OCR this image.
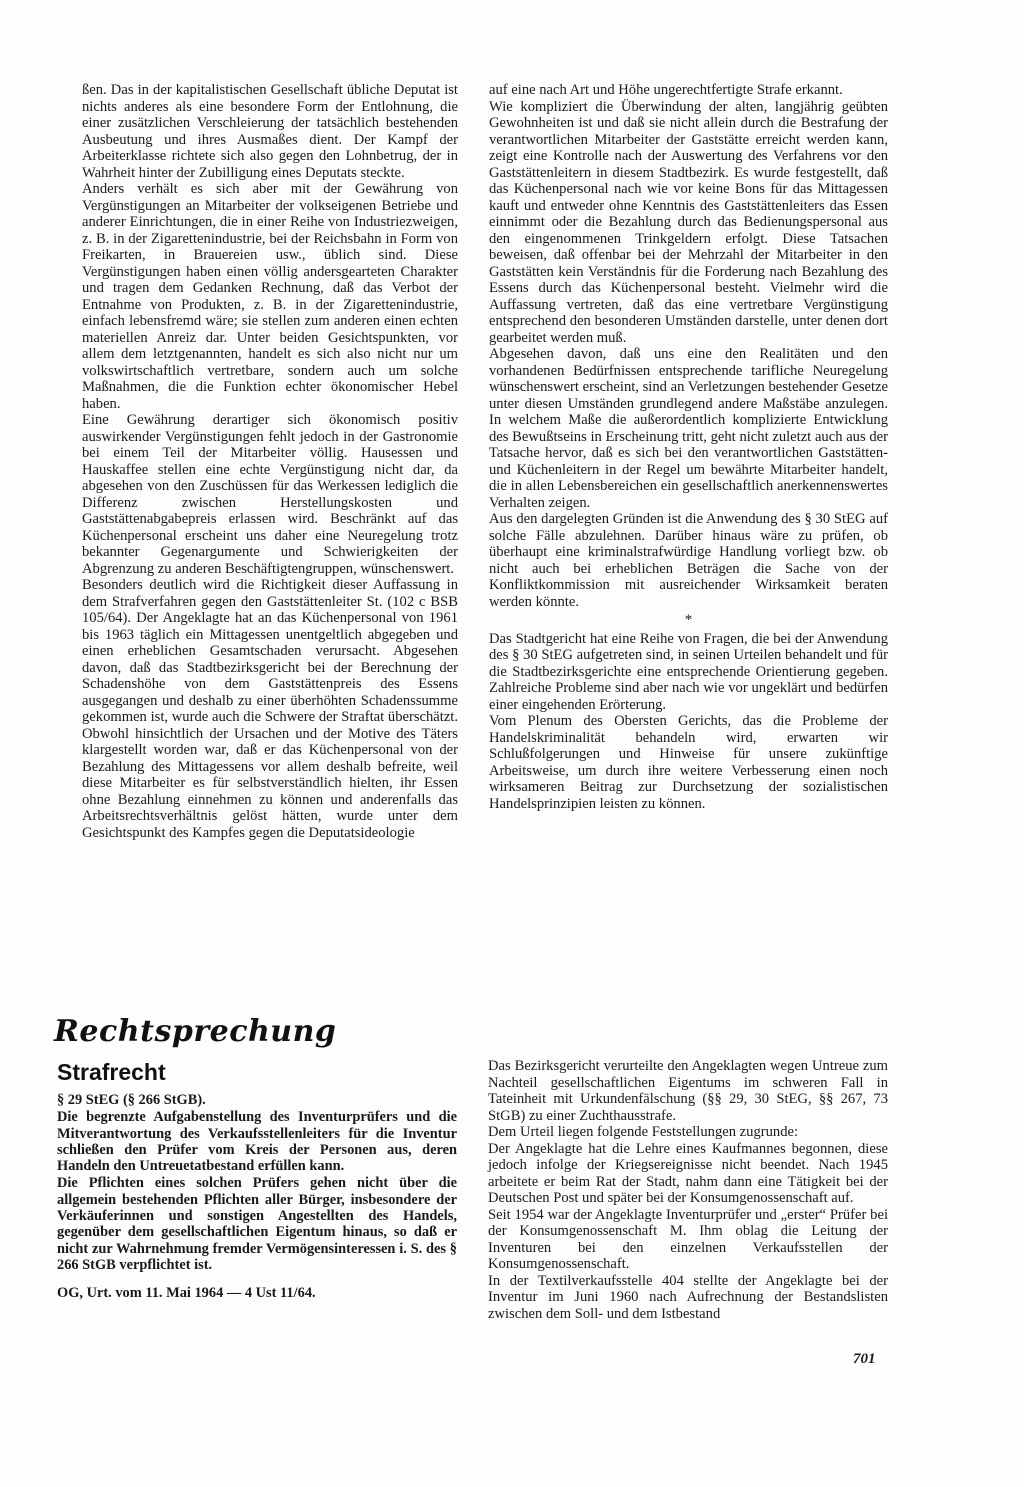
ßen. Das in der kapitalistischen Gesellschaft übliche Deputat ist nichts anderes als eine besondere Form der Entlohnung, die einer zusätzlichen Verschleierung der tatsächlich bestehenden Ausbeutung und ihres Ausmaßes dient. Der Kampf der Arbeiterklasse richtete sich also gegen den Lohnbetrug, der in Wahrheit hinter der Zubilligung eines Deputats steckte.

Anders verhält es sich aber mit der Gewährung von Vergünstigungen an Mitarbeiter der volkseigenen Betriebe und anderer Einrichtungen, die in einer Reihe von Industriezweigen, z. B. in der Zigarettenindustrie, bei der Reichsbahn in Form von Freikarten, in Brauereien usw., üblich sind. Diese Vergünstigungen haben einen völlig andersgearteten Charakter und tragen dem Gedanken Rechnung, daß das Verbot der Entnahme von Produkten, z. B. in der Zigarettenindustrie, einfach lebensfremd wäre; sie stellen zum anderen einen echten materiellen Anreiz dar. Unter beiden Gesichtspunkten, vor allem dem letztgenannten, handelt es sich also nicht nur um volkswirtschaftlich vertretbare, sondern auch um solche Maßnahmen, die die Funktion echter ökonomischer Hebel haben.

Eine Gewährung derartiger sich ökonomisch positiv auswirkender Vergünstigungen fehlt jedoch in der Gastronomie bei einem Teil der Mitarbeiter völlig. Hausessen und Hauskaffee stellen eine echte Vergünstigung nicht dar, da abgesehen von den Zuschüssen für das Werkessen lediglich die Differenz zwischen Herstellungskosten und Gaststättenabgabepreis erlassen wird. Beschränkt auf das Küchenpersonal erscheint uns daher eine Neuregelung trotz bekannter Gegenargumente und Schwierigkeiten der Abgrenzung zu anderen Beschäftigtengruppen, wünschenswert.

Besonders deutlich wird die Richtigkeit dieser Auffassung in dem Strafverfahren gegen den Gaststättenleiter St. (102 c BSB 105/64). Der Angeklagte hat an das Küchenpersonal von 1961 bis 1963 täglich ein Mittagessen unentgeltlich abgegeben und einen erheblichen Gesamtschaden verursacht. Abgesehen davon, daß das Stadtbezirksgericht bei der Berechnung der Schadenshöhe von dem Gaststättenpreis des Essens ausgegangen und deshalb zu einer überhöhten Schadenssumme gekommen ist, wurde auch die Schwere der Straftat überschätzt. Obwohl hinsichtlich der Ursachen und der Motive des Täters klargestellt worden war, daß er das Küchenpersonal von der Bezahlung des Mittagessens vor allem deshalb befreite, weil diese Mitarbeiter es für selbstverständlich hielten, ihr Essen ohne Bezahlung einnehmen zu können und anderenfalls das Arbeitsrechtsverhältnis gelöst hätten, wurde unter dem Gesichtspunkt des Kampfes gegen die Deputatsideologie

auf eine nach Art und Höhe ungerechtfertigte Strafe erkannt.

Wie kompliziert die Überwindung der alten, langjährig geübten Gewohnheiten ist und daß sie nicht allein durch die Bestrafung der verantwortlichen Mitarbeiter der Gaststätte erreicht werden kann, zeigt eine Kontrolle nach der Auswertung des Verfahrens vor den Gaststättenleitern in diesem Stadtbezirk. Es wurde festgestellt, daß das Küchenpersonal nach wie vor keine Bons für das Mittagessen kauft und entweder ohne Kenntnis des Gaststättenleiters das Essen einnimmt oder die Bezahlung durch das Bedienungspersonal aus den eingenommenen Trinkgeldern erfolgt. Diese Tatsachen beweisen, daß offenbar bei der Mehrzahl der Mitarbeiter in den Gaststätten kein Verständnis für die Forderung nach Bezahlung des Essens durch das Küchenpersonal besteht. Vielmehr wird die Auffassung vertreten, daß das eine vertretbare Vergünstigung entsprechend den besonderen Umständen darstelle, unter denen dort gearbeitet werden muß.

Abgesehen davon, daß uns eine den Realitäten und den vorhandenen Bedürfnissen entsprechende tarifliche Neuregelung wünschenswert erscheint, sind an Verletzungen bestehender Gesetze unter diesen Umständen grundlegend andere Maßstäbe anzulegen. In welchem Maße die außerordentlich komplizierte Entwicklung des Bewußtseins in Erscheinung tritt, geht nicht zuletzt auch aus der Tatsache hervor, daß es sich bei den verantwortlichen Gaststätten- und Küchenleitern in der Regel um bewährte Mitarbeiter handelt, die in allen Lebensbereichen ein gesellschaftlich anerkennenswertes Verhalten zeigen.

Aus den dargelegten Gründen ist die Anwendung des § 30 StEG auf solche Fälle abzulehnen. Darüber hinaus wäre zu prüfen, ob überhaupt eine kriminalstrafwürdige Handlung vorliegt bzw. ob nicht auch bei erheblichen Beträgen die Sache von der Konfliktkommission mit ausreichender Wirksamkeit beraten werden könnte.

*

Das Stadtgericht hat eine Reihe von Fragen, die bei der Anwendung des § 30 StEG aufgetreten sind, in seinen Urteilen behandelt und für die Stadtbezirksgerichte eine entsprechende Orientierung gegeben. Zahlreiche Probleme sind aber nach wie vor ungeklärt und bedürfen einer eingehenden Erörterung.

Vom Plenum des Obersten Gerichts, das die Probleme der Handelskriminalität behandeln wird, erwarten wir Schlußfolgerungen und Hinweise für unsere zukünftige Arbeitsweise, um durch ihre weitere Verbesserung einen noch wirksameren Beitrag zur Durchsetzung der sozialistischen Handelsprinzipien leisten zu können.

Rechtsprechung
Strafrecht

§ 29 StEG (§ 266 StGB).

Die begrenzte Aufgabenstellung des Inventurprüfers und die Mitverantwortung des Verkaufsstellenleiters für die Inventur schließen den Prüfer vom Kreis der Personen aus, deren Handeln den Untreuetatbestand erfüllen kann.

Die Pflichten eines solchen Prüfers gehen nicht über die allgemein bestehenden Pflichten aller Bürger, insbesondere der Verkäuferinnen und sonstigen Angestellten des Handels, gegenüber dem gesellschaftlichen Eigentum hinaus, so daß er nicht zur Wahrnehmung fremder Vermögensinteressen i. S. des § 266 StGB verpflichtet ist.

OG, Urt. vom 11. Mai 1964 — 4 Ust 11/64.

Das Bezirksgericht verurteilte den Angeklagten wegen Untreue zum Nachteil gesellschaftlichen Eigentums im schweren Fall in Tateinheit mit Urkundenfälschung (§§ 29, 30 StEG, §§ 267, 73 StGB) zu einer Zuchthausstrafe.

Dem Urteil liegen folgende Feststellungen zugrunde:

Der Angeklagte hat die Lehre eines Kaufmannes begonnen, diese jedoch infolge der Kriegsereignisse nicht beendet. Nach 1945 arbeitete er beim Rat der Stadt, nahm dann eine Tätigkeit bei der Deutschen Post und später bei der Konsumgenossenschaft auf.

Seit 1954 war der Angeklagte Inventurprüfer und „erster“ Prüfer bei der Konsumgenossenschaft M. Ihm oblag die Leitung der Inventuren bei den einzelnen Verkaufsstellen der Konsumgenossenschaft.

In der Textilverkaufsstelle 404 stellte der Angeklagte bei der Inventur im Juni 1960 nach Aufrechnung der Bestandslisten zwischen dem Soll- und dem Istbestand

701
